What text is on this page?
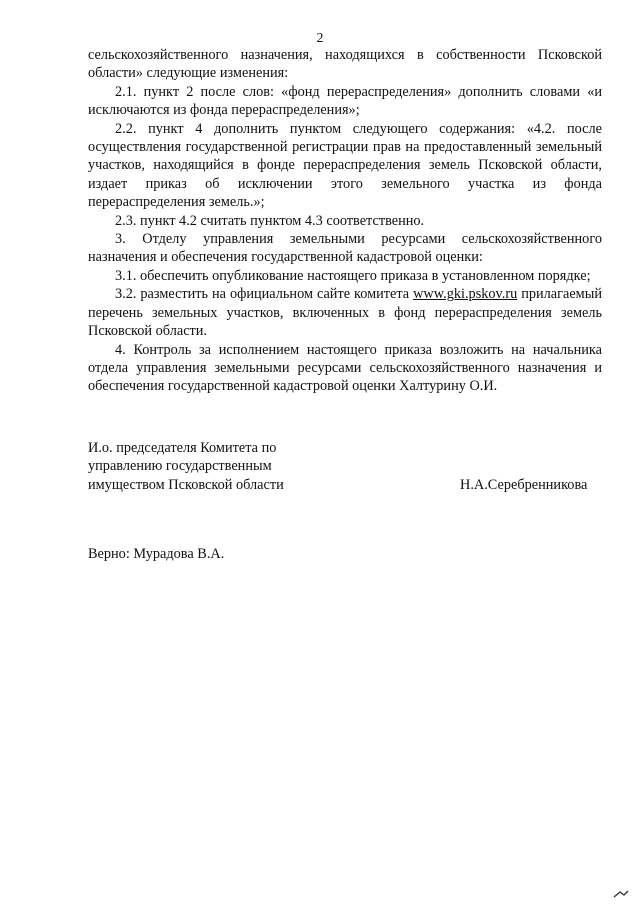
2

сельскохозяйственного назначения, находящихся в собственности Псковской области» следующие изменения:

2.1. пункт 2 после слов: «фонд перераспределения» дополнить словами «и исключаются из фонда перераспределения»;

2.2. пункт 4 дополнить пунктом следующего содержания: «4.2. после осуществления государственной регистрации прав на предоставленный земельный участков, находящийся в фонде перераспределения земель Псковской области, издает приказ об исключении этого земельного участка из фонда перераспределения земель.»;

2.3. пункт 4.2 считать пунктом 4.3 соответственно.

3. Отделу управления земельными ресурсами сельскохозяйственного назначения и обеспечения государственной кадастровой оценки:

3.1. обеспечить опубликование настоящего приказа в установленном порядке;

3.2. разместить на официальном сайте комитета www.gki.pskov.ru прилагаемый перечень земельных участков, включенных в фонд перераспределения земель Псковской области.

4. Контроль за исполнением настоящего приказа возложить на начальника отдела управления земельными ресурсами сельскохозяйственного назначения и обеспечения государственной кадастровой оценки Халтурину О.И.

И.о. председателя Комитета по
управлению государственным
имуществом Псковской области	Н.А.Серебренникова
Верно: Мурадова В.А.
